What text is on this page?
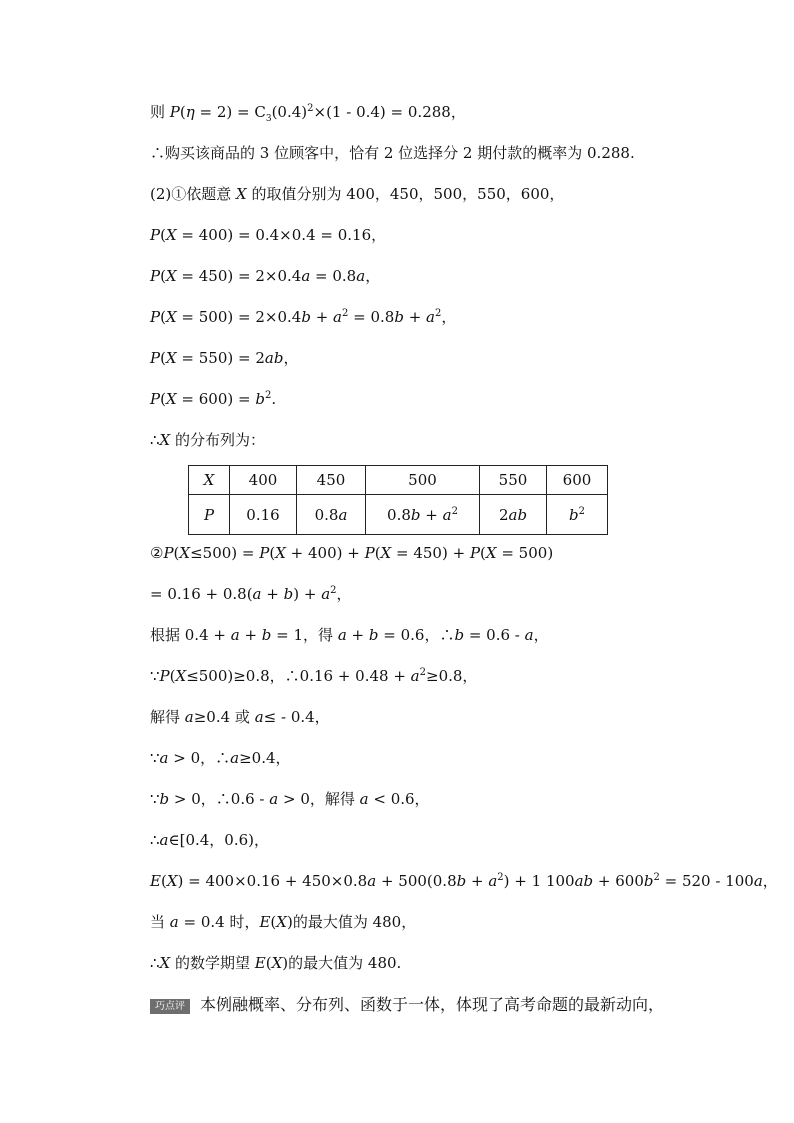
则 $P(\eta = 2) = C_3(0.4)^2\times(1 - 0.4) = 0.288$，
∴购买该商品的 3 位顾客中，恰有 2 位选择分 2 期付款的概率为 0.288.
(2)①依题意 X 的取值分别为 400，450，500，550，600，
P(X = 400) = 0.4×0.4 = 0.16，
P(X = 450) = 2×0.4a = 0.8a，
$P(X = 500) = 2\times 0.4b + a^2 = 0.8b + a^2$，
P(X = 550) = 2ab，
$P(X = 600) = b^2$.
∴X 的分布列为：
X	400	450	500	550	600
P	0.16	0.8a	$0.8b + a^2$	2ab	$b^2$
②P(X≤500) = P(X + 400) + P(X = 450) + P(X = 500)
= $0.16 + 0.8(a + b) + a^2$，
根据 0.4 + a + b = 1，得 a + b = 0.6，∴b = 0.6 - a，
∵P(X≤500)≥0.8，∴0.16 + $0.48 + a^2\ge 0.8$，
解得 a≥0.4 或 a≤ - 0.4，
∵a > 0，∴a≥0.4，
∵b > 0，∴0.6 - a > 0，解得 a < 0.6，
∴a∈[0.4，0.6)，
$E(X) = 400\times 0.16 + 450\times 0.8a + 500(0.8b + a^2) + 1$ $100ab + 600b^2 = 520 - 100a$，
当 a = 0.4 时，E(X)的最大值为 480，
∴X 的数学期望 E(X)的最大值为 480.
巧点评 本例融概率、分布列、函数于一体，体现了高考命题的最新动向，
